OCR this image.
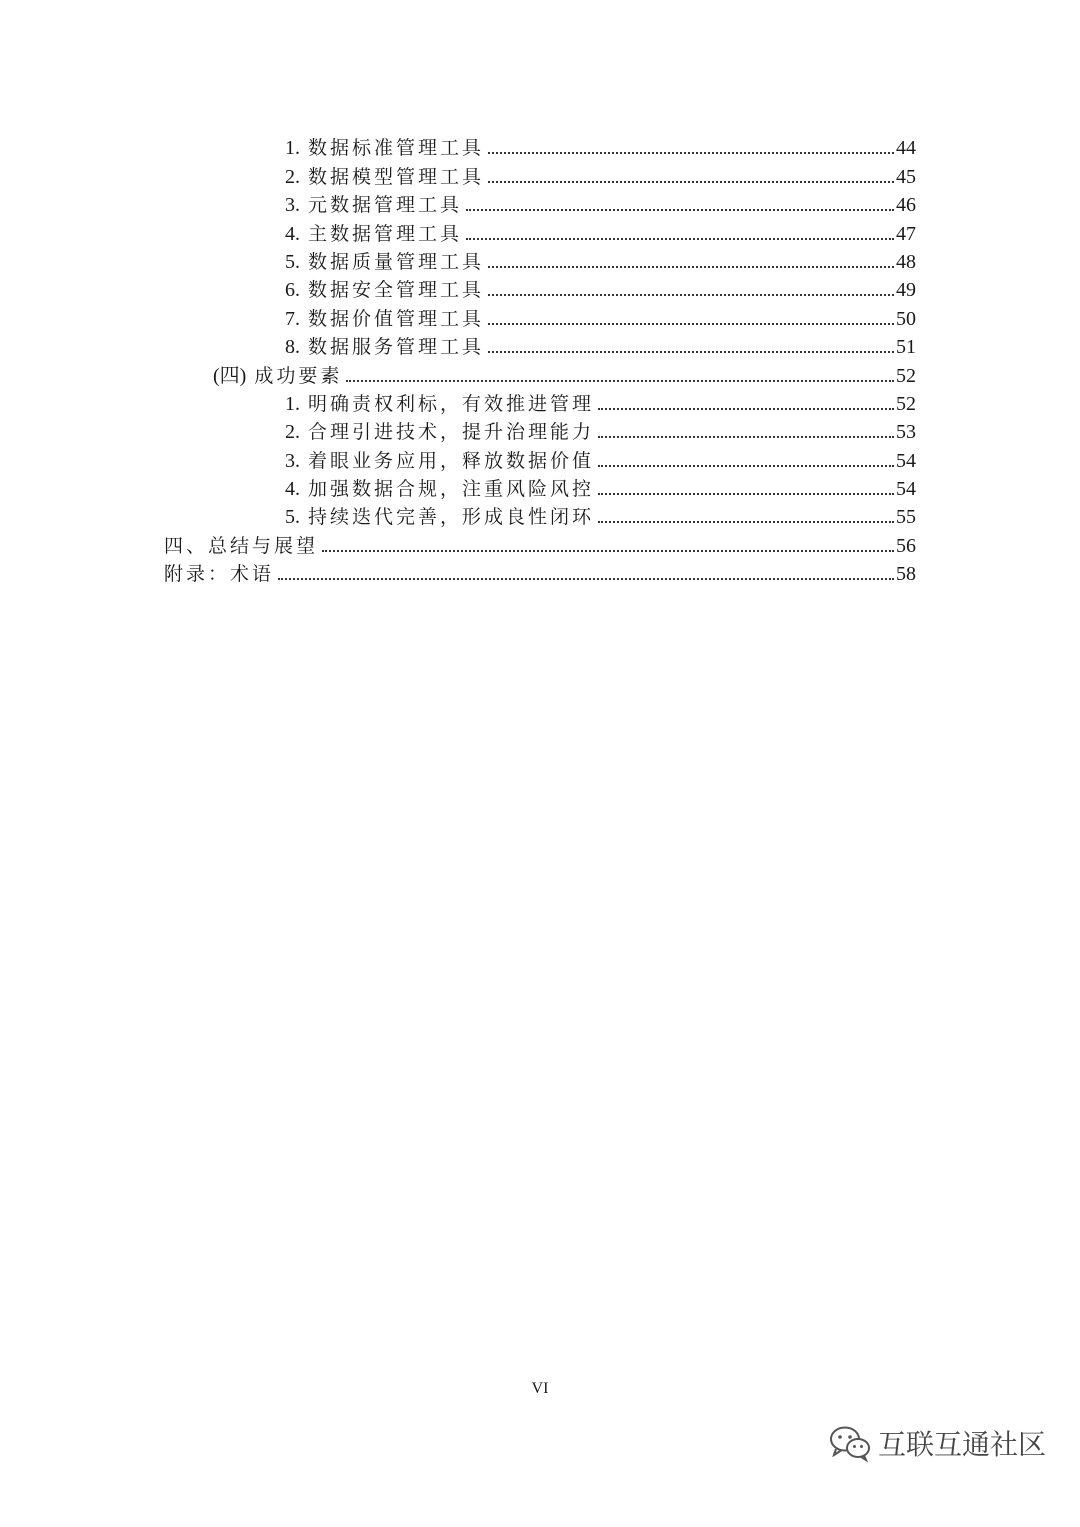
1. 数据标准管理工具	44
2. 数据模型管理工具	45
3. 元数据管理工具	46
4. 主数据管理工具	47
5. 数据质量管理工具	48
6. 数据安全管理工具	49
7. 数据价值管理工具	50
8. 数据服务管理工具	51
(四) 成功要素	52
1. 明确责权利标，有效推进管理	52
2. 合理引进技术，提升治理能力	53
3. 着眼业务应用，释放数据价值	54
4. 加强数据合规，注重风险风控	54
5. 持续迭代完善，形成良性闭环	55
四、总结与展望	56
附录：术语	58
VI
互联互通社区
